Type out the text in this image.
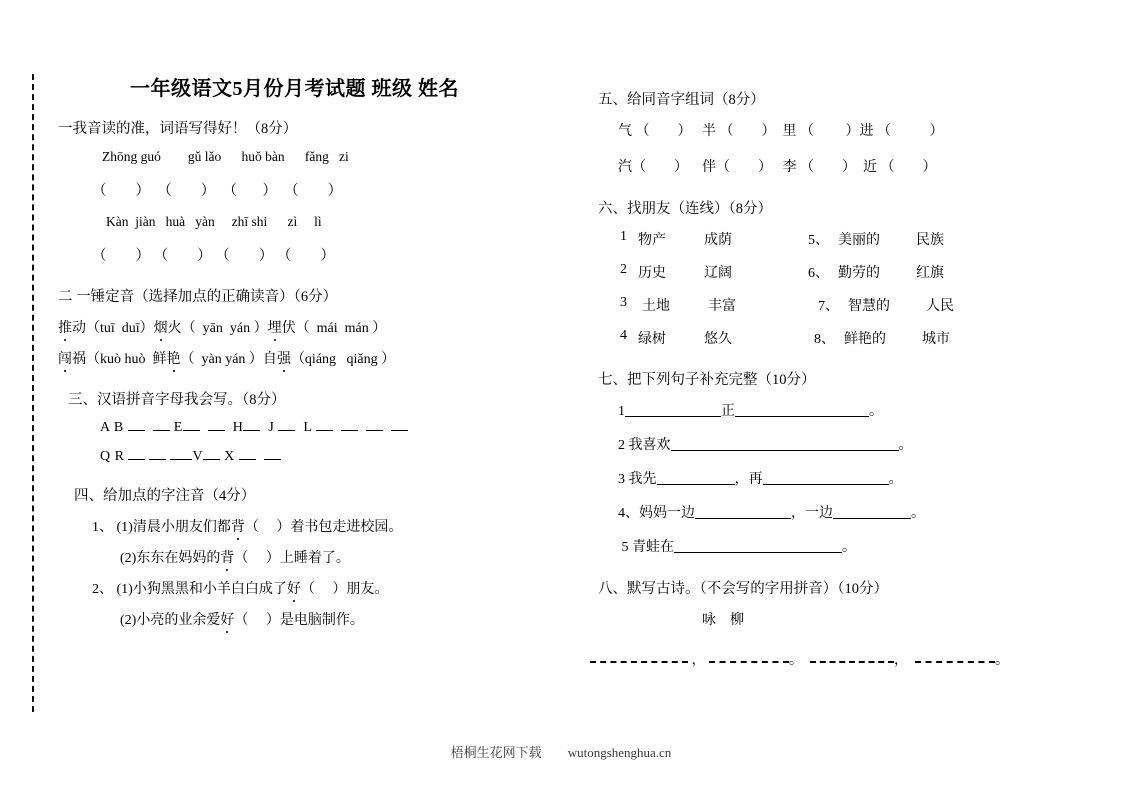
一年级语文5月份月考试题 班级 姓名
一我音读的准，词语写得好！（8分）
Zhōng guó        gǔ lǎo      huǒ bàn      fǎng   zi
（        ）  （        ）  （       ）  （        ）
Kàn  jiàn   huà   yàn     zhī shi      zì     lì
（        ） （        ） （        ） （        ）
二 一锤定音（选择加点的正确读音）（6分）
推动（tuī  duī）烟火（  yān  yán ）埋伏（  mái  mán ）
闯祸（kuò huò  鲜艳（  yàn yán ）自强（qiáng   qiǎng ）
三、汉语拼音字母我会写。（8分）
A B	E	H J L
Q R	V X
四、给加点的字注音（4分）
1、 (1)清晨小朋友们都背（     ）着书包走进校园。
(2)东东在妈妈的背（     ）上睡着了。
2、 (1)小狗黑黑和小羊白白成了好（     ）朋友。
(2)小亮的业余爱好（     ）是电脑制作。
五、给同音字组词（8分）
气 （        ）   半 （        ）  里 （         ）进 （           ）
汽（        ）    伴（        ）   李 （        ）  近 （        ）
六、找朋友（连线）（8分）
1 物产	成荫	5、 美丽的	民族
2 历史	辽阔	6、 勤劳的	红旗
3	土地	丰富	7、 智慧的	人民
4 绿树	悠久	8、 鲜艳的	城市
七、把下列句子补充完整（10分）
1	正	。
2 我喜欢	。
3 我先	，再	。
4、妈妈一边	，一边	。
5 青蛙在	。
八、默写古诗。（不会写的字用拼音）（10分）
咏　柳
，	。	，	。
梧桐生花网下载 wutongshenghua.cn
